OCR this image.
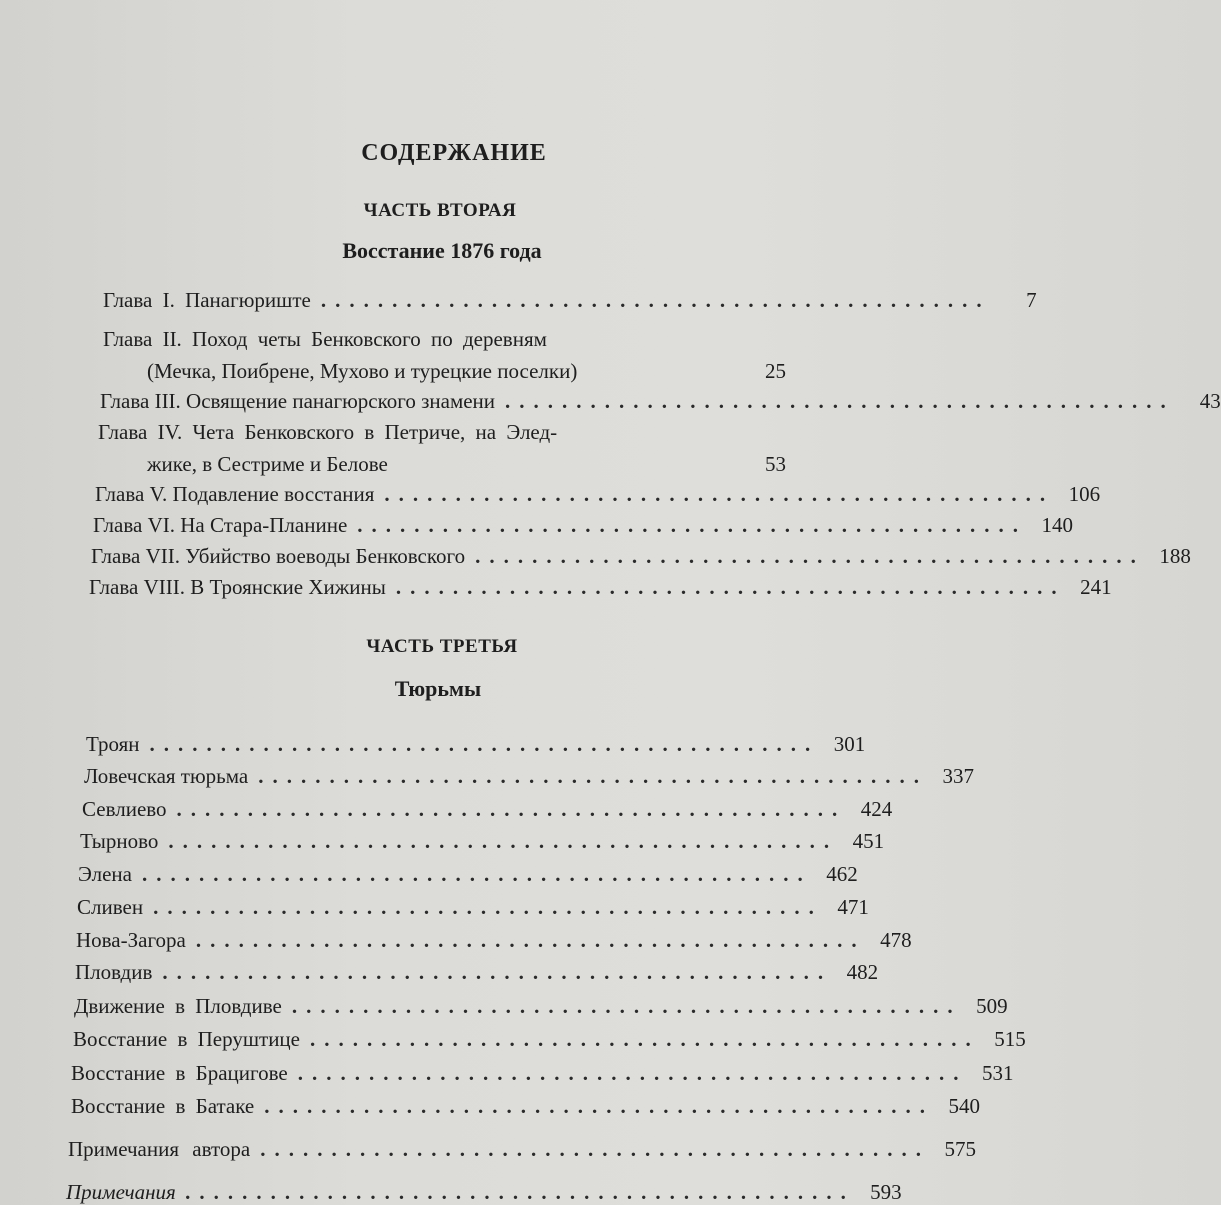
СОДЕРЖАНИЕ
ЧАСТЬ ВТОРАЯ
Восстание 1876 года
Глава I. Панагюриште ...............................................	7
Глава II. Поход четы Бенковского по деревням
(Мечка, Поибрене, Мухово и турецкие поселки)	25
Глава III. Освящение панагюрского знамени ...............................................	43
Глава IV. Чета Бенковского в Петриче, на Элед-
жике, в Сестриме и Белове	53
Глава V. Подавление восстания ............................................... 106
Глава VI. На Стара-Планине ............................................... 140
Глава VII. Убийство воеводы Бенковского ............................................... 188
Глава VIII. В Троянские Хижины ............................................... 241
ЧАСТЬ ТРЕТЬЯ
Тюрьмы
Троян ............................................... 301
Ловечская тюрьма ............................................... 337
Севлиево ............................................... 424
Тырново ............................................... 451
Элена ............................................... 462
Сливен ............................................... 471
Нова-Загора ............................................... 478
Пловдив ............................................... 482
Движение в Пловдиве ............................................... 509
Восстание в Перуштице ............................................... 515
Восстание в Брацигове ............................................... 531
Восстание в Батаке ............................................... 540
Примечания автора ............................................... 575
Примечания ............................................... 593
